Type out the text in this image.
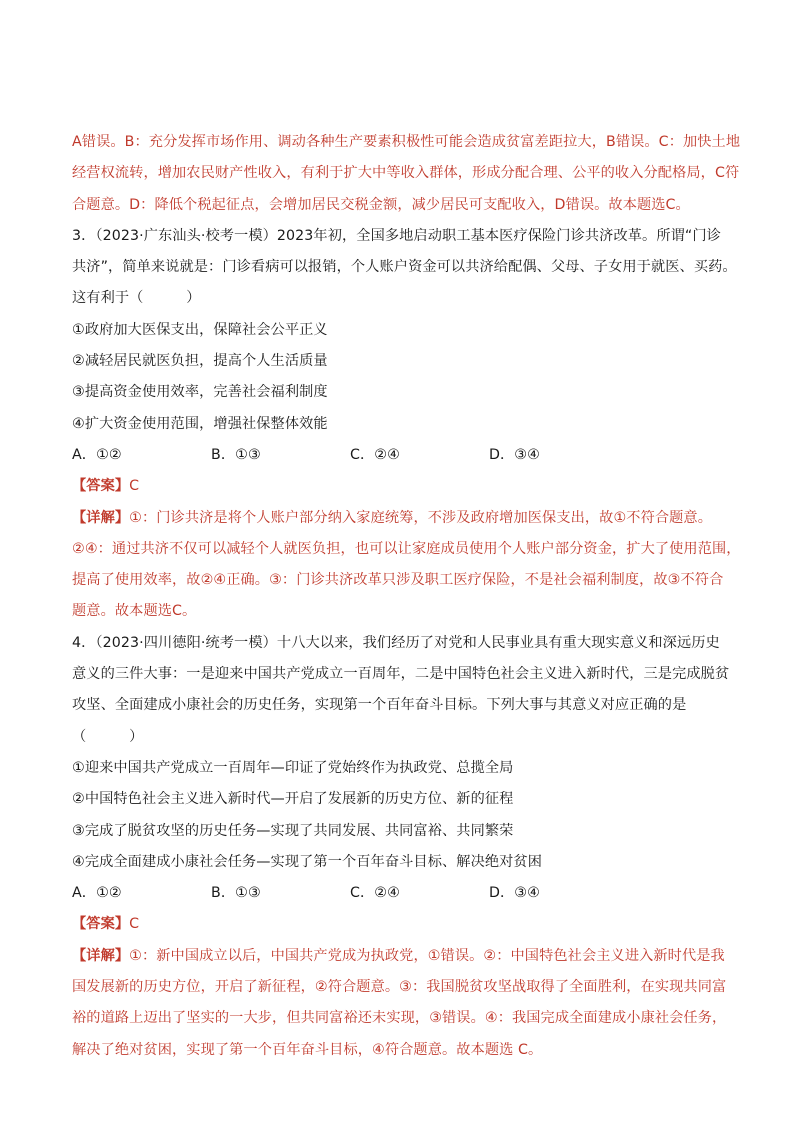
A错误。B：充分发挥市场作用、调动各种生产要素积极性可能会造成贫富差距拉大，B错误。C：加快土地
经营权流转，增加农民财产性收入，有利于扩大中等收入群体，形成分配合理、公平的收入分配格局，C符
合题意。D：降低个税起征点，会增加居民交税金额，减少居民可支配收入，D错误。故本题选C。
3．（2023·广东汕头·校考一模）2023年初，全国多地启动职工基本医疗保险门诊共济改革。所谓“门诊
共济”，简单来说就是：门诊看病可以报销，个人账户资金可以共济给配偶、父母、子女用于就医、买药。
这有利于（　　　）
①政府加大医保支出，保障社会公平正义
②减轻居民就医负担，提高个人生活质量
③提高资金使用效率，完善社会福利制度
④扩大资金使用范围，增强社保整体效能
A．①②	B．①③	C．②④	D．③④
【答案】C
【详解】①：门诊共济是将个人账户部分纳入家庭统筹，不涉及政府增加医保支出，故①不符合题意。
②④：通过共济不仅可以减轻个人就医负担，也可以让家庭成员使用个人账户部分资金，扩大了使用范围，
提高了使用效率，故②④正确。③：门诊共济改革只涉及职工医疗保险，不是社会福利制度，故③不符合
题意。故本题选C。
4．（2023·四川德阳·统考一模）十八大以来，我们经历了对党和人民事业具有重大现实意义和深远历史
意义的三件大事：一是迎来中国共产党成立一百周年，二是中国特色社会主义进入新时代，三是完成脱贫
攻坚、全面建成小康社会的历史任务，实现第一个百年奋斗目标。下列大事与其意义对应正确的是
（　　　）
①迎来中国共产党成立一百周年—印证了党始终作为执政党、总揽全局
②中国特色社会主义进入新时代—开启了发展新的历史方位、新的征程
③完成了脱贫攻坚的历史任务—实现了共同发展、共同富裕、共同繁荣
④完成全面建成小康社会任务—实现了第一个百年奋斗目标、解决绝对贫困
A．①②	B．①③	C．②④	D．③④
【答案】C
【详解】①：新中国成立以后，中国共产党成为执政党，①错误。②：中国特色社会主义进入新时代是我
国发展新的历史方位，开启了新征程，②符合题意。③：我国脱贫攻坚战取得了全面胜利，在实现共同富
裕的道路上迈出了坚实的一大步，但共同富裕还未实现，③错误。④：我国完成全面建成小康社会任务，
解决了绝对贫困，实现了第一个百年奋斗目标，④符合题意。故本题选 C。
